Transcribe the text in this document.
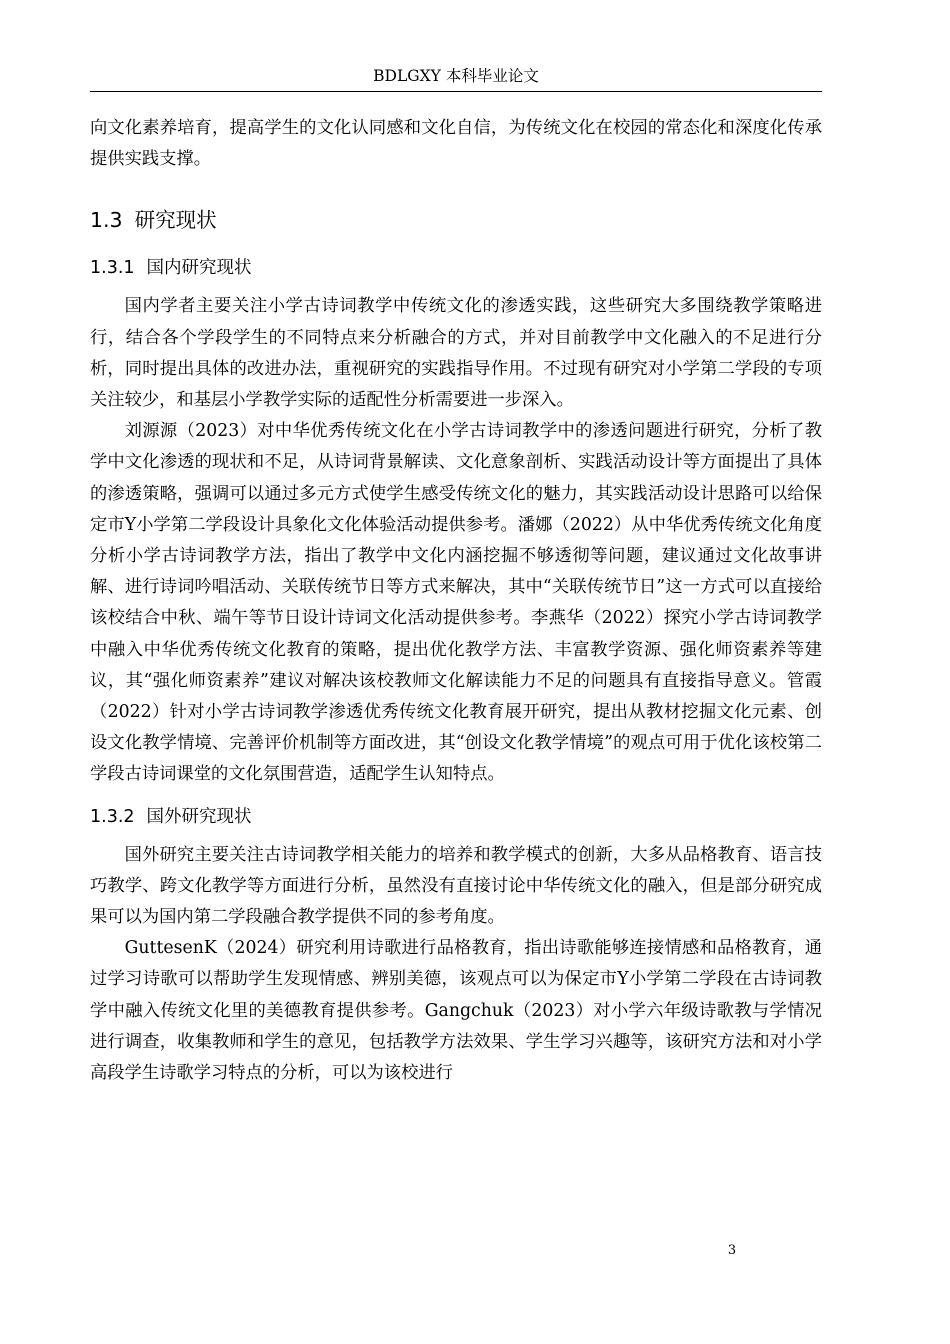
BDLGXY 本科毕业论文

向文化素养培育，提高学生的文化认同感和文化自信，为传统文化在校园的常态化和深度化传承提供实践支撑。

1.3 研究现状
1.3.1 国内研究现状

国内学者主要关注小学古诗词教学中传统文化的渗透实践，这些研究大多围绕教学策略进行，结合各个学段学生的不同特点来分析融合的方式，并对目前教学中文化融入的不足进行分析，同时提出具体的改进办法，重视研究的实践指导作用。不过现有研究对小学第二学段的专项关注较少，和基层小学教学实际的适配性分析需要进一步深入。

刘源源（2023）对中华优秀传统文化在小学古诗词教学中的渗透问题进行研究，分析了教学中文化渗透的现状和不足，从诗词背景解读、文化意象剖析、实践活动设计等方面提出了具体的渗透策略，强调可以通过多元方式使学生感受传统文化的魅力，其实践活动设计思路可以给保定市Y小学第二学段设计具象化文化体验活动提供参考。潘娜（2022）从中华优秀传统文化角度分析小学古诗词教学方法，指出了教学中文化内涵挖掘不够透彻等问题，建议通过文化故事讲解、进行诗词吟唱活动、关联传统节日等方式来解决，其中“关联传统节日”这一方式可以直接给该校结合中秋、端午等节日设计诗词文化活动提供参考。李燕华（2022）探究小学古诗词教学中融入中华优秀传统文化教育的策略，提出优化教学方法、丰富教学资源、强化师资素养等建议，其“强化师资素养”建议对解决该校教师文化解读能力不足的问题具有直接指导意义。管霞（2022）针对小学古诗词教学渗透优秀传统文化教育展开研究，提出从教材挖掘文化元素、创设文化教学情境、完善评价机制等方面改进，其“创设文化教学情境”的观点可用于优化该校第二学段古诗词课堂的文化氛围营造，适配学生认知特点。

1.3.2 国外研究现状

国外研究主要关注古诗词教学相关能力的培养和教学模式的创新，大多从品格教育、语言技巧教学、跨文化教学等方面进行分析，虽然没有直接讨论中华传统文化的融入，但是部分研究成果可以为国内第二学段融合教学提供不同的参考角度。

GuttesenK（2024）研究利用诗歌进行品格教育，指出诗歌能够连接情感和品格教育，通过学习诗歌可以帮助学生发现情感、辨别美德，该观点可以为保定市Y小学第二学段在古诗词教学中融入传统文化里的美德教育提供参考。Gangchuk（2023）对小学六年级诗歌教与学情况进行调查，收集教师和学生的意见，包括教学方法效果、学生学习兴趣等，该研究方法和对小学高段学生诗歌学习特点的分析，可以为该校进行

3
